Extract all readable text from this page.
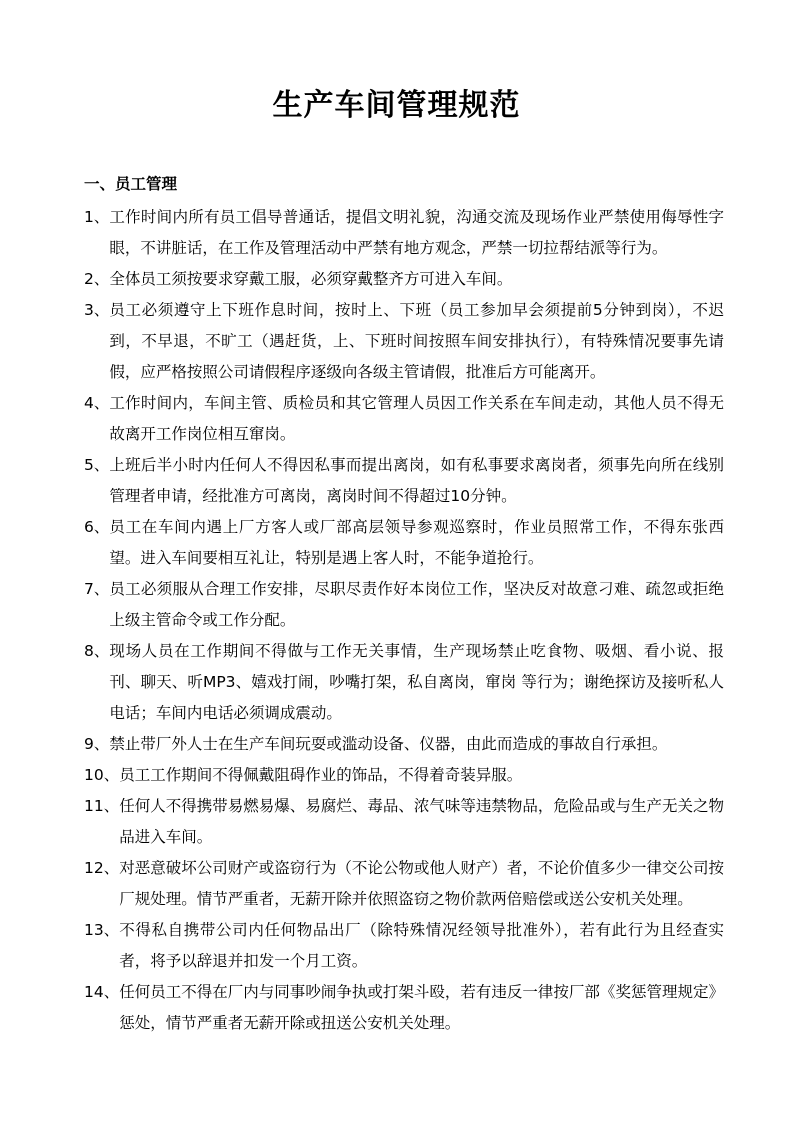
生产车间管理规范
一、员工管理
1、 工作时间内所有员工倡导普通话，提倡文明礼貌，沟通交流及现场作业严禁使用侮辱性字眼，不讲脏话，在工作及管理活动中严禁有地方观念，严禁一切拉帮结派等行为。
2、 全体员工须按要求穿戴工服，必须穿戴整齐方可进入车间。
3、 员工必须遵守上下班作息时间，按时上、下班（员工参加早会须提前5分钟到岗），不迟到，不早退，不旷工（遇赶货，上、下班时间按照车间安排执行），有特殊情况要事先请假，应严格按照公司请假程序逐级向各级主管请假，批准后方可能离开。
4、 工作时间内，车间主管、质检员和其它管理人员因工作关系在车间走动，其他人员不得无故离开工作岗位相互窜岗。
5、 上班后半小时内任何人不得因私事而提出离岗，如有私事要求离岗者，须事先向所在线别管理者申请，经批准方可离岗，离岗时间不得超过10分钟。
6、 员工在车间内遇上厂方客人或厂部高层领导参观巡察时，作业员照常工作，不得东张西望。进入车间要相互礼让，特别是遇上客人时，不能争道抢行。
7、 员工必须服从合理工作安排，尽职尽责作好本岗位工作，坚决反对故意刁难、疏忽或拒绝上级主管命令或工作分配。
8、 现场人员在工作期间不得做与工作无关事情，生产现场禁止吃食物、吸烟、看小说、报刊、聊天、听MP3、嬉戏打闹，吵嘴打架，私自离岗，窜岗 等行为；谢绝探访及接听私人电话；车间内电话必须调成震动。
9、 禁止带厂外人士在生产车间玩耍或滥动设备、仪器，由此而造成的事故自行承担。
10、 员工工作期间不得佩戴阻碍作业的饰品，不得着奇装异服。
11、 任何人不得携带易燃易爆、易腐烂、毒品、浓气味等违禁物品，危险品或与生产无关之物品进入车间。
12、 对恶意破坏公司财产或盗窃行为（不论公物或他人财产）者，不论价值多少一律交公司按厂规处理。情节严重者，无薪开除并依照盗窃之物价款两倍赔偿或送公安机关处理。
13、 不得私自携带公司内任何物品出厂（除特殊情况经领导批准外），若有此行为且经查实者，将予以辞退并扣发一个月工资。
14、 任何员工不得在厂内与同事吵闹争执或打架斗殴，若有违反一律按厂部《奖惩管理规定》惩处，情节严重者无薪开除或扭送公安机关处理。
